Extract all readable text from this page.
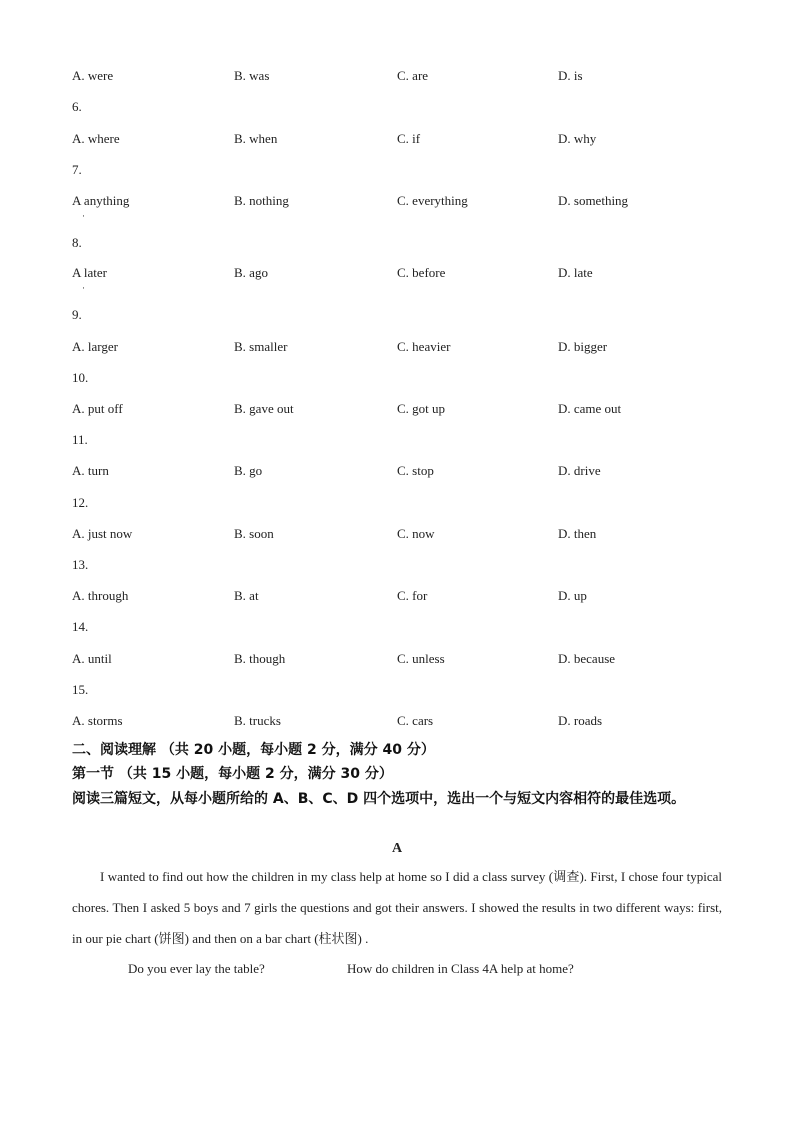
A. were	B. was	C. are	D. is
6.
A. where	B. when	C. if	D. why
7.
A anything	B. nothing	C. everything	D. something
·
8.
A later	B. ago	C. before	D. late
·
9.
A. larger	B. smaller	C. heavier	D. bigger
10.
A. put off	B. gave out	C. got up	D. came out
11.
A. turn	B. go	C. stop	D. drive
12.
A. just now	B. soon	C. now	D. then
13.
A. through	B. at	C. for	D. up
14.
A. until	B. though	C. unless	D. because
15.
A. storms	B. trucks	C. cars	D. roads
二、阅读理解 （共 20 小题，每小题 2 分，满分 40 分）
第一节 （共 15 小题，每小题 2 分，满分 30 分）
阅读三篇短文，从每小题所给的 A、B、C、D 四个选项中，选出一个与短文内容相符的最佳选项。
A
I wanted to find out how the children in my class help at home so I did a class survey (调查). First, I chose four typical chores. Then I asked 5 boys and 7 girls the questions and got their answers. I showed the results in two different ways: first, in our pie chart (饼图) and then on a bar chart (柱状图) .
Do you ever lay the table?	How do children in Class 4A help at home?
